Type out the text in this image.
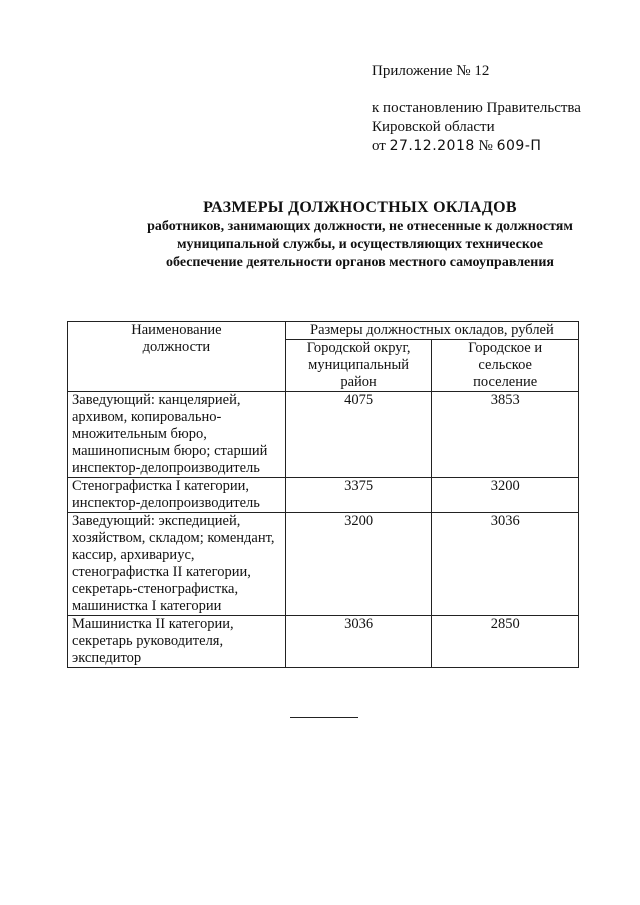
Приложение № 12
к постановлению Правительства
Кировской области
от 27.12.2018 № 609-П
РАЗМЕРЫ ДОЛЖНОСТНЫХ ОКЛАДОВ
работников, занимающих должности, не отнесенные к должностям
муниципальной службы, и осуществляющих техническое
обеспечение деятельности органов местного самоуправления
Наименование должности	Размеры должностных окладов, рублей	
	Городской округ, муниципальный район	Городское и сельское поселение
Заведующий: канцелярией, архивом, копировально-множительным бюро, машинописным бюро; старший инспектор-делопроизводитель	4075	3853
Стенографистка I категории, инспектор-делопроизводитель	3375	3200
Заведующий: экспедицией, хозяйством, складом; комендант, кассир, архивариус, стенографистка II категории, секретарь-стенографистка, машинистка I категории	3200	3036
Машинистка II категории, секретарь руководителя, экспедитор	3036	2850
